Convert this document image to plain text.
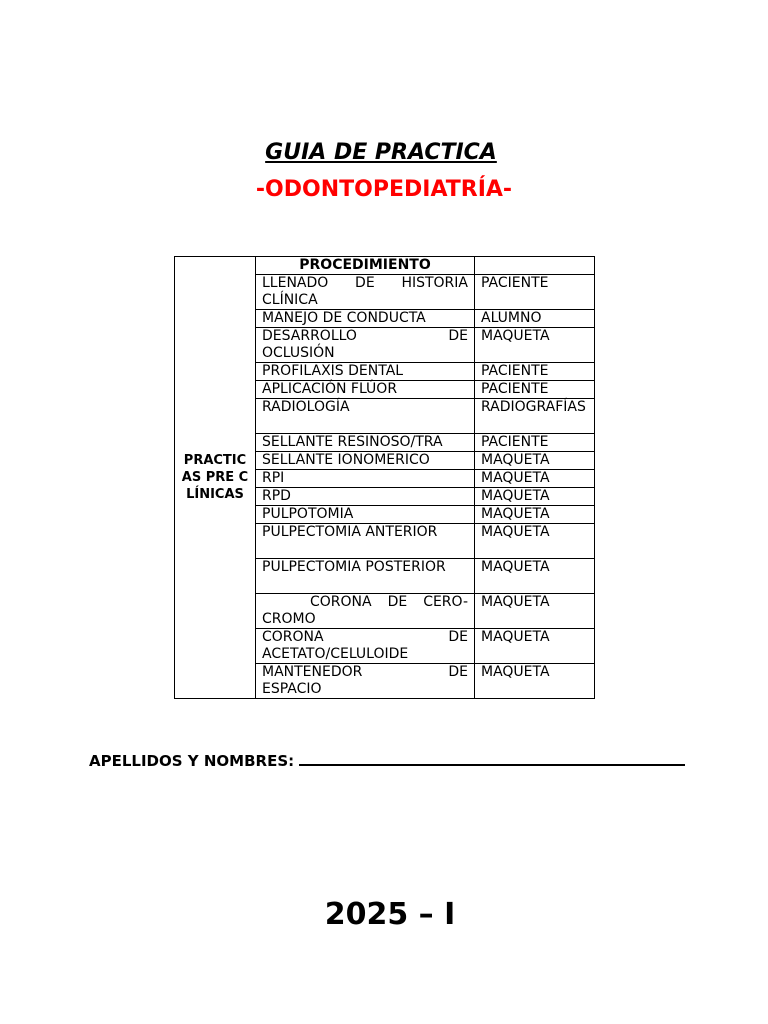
GUIA DE PRACTICA
-ODONTOPEDIATRÍA-
PRACTICAS PRE CLÍNICAS	PROCEDIMIENTO	

	LLENADO DE HISTORIA
CLÍNICA	PACIENTE
	MANEJO DE CONDUCTA	ALUMNO

	DESARROLLO DE
OCLUSIÓN	MAQUETA
	PROFILAXIS DENTAL	PACIENTE
	APLICACIÓN FLÚOR	PACIENTE
	RADIOLOGÍA	RADIOGRAFÍAS
	SELLANTE RESINOSO/TRA	PACIENTE
	SELLANTE IONOMERICO	MAQUETA
	RPI	MAQUETA
	RPD	MAQUETA
	PULPOTOMIA	MAQUETA
	PULPECTOMIA ANTERIOR	MAQUETA
	PULPECTOMIA POSTERIOR	MAQUETA

	CORONA DE CERO-
CROMO	MAQUETA

	CORONA DE
ACETATO/CELULOIDE	MAQUETA

	MANTENEDOR DE
ESPACIO	MAQUETA
APELLIDOS Y NOMBRES:
2025 – I
